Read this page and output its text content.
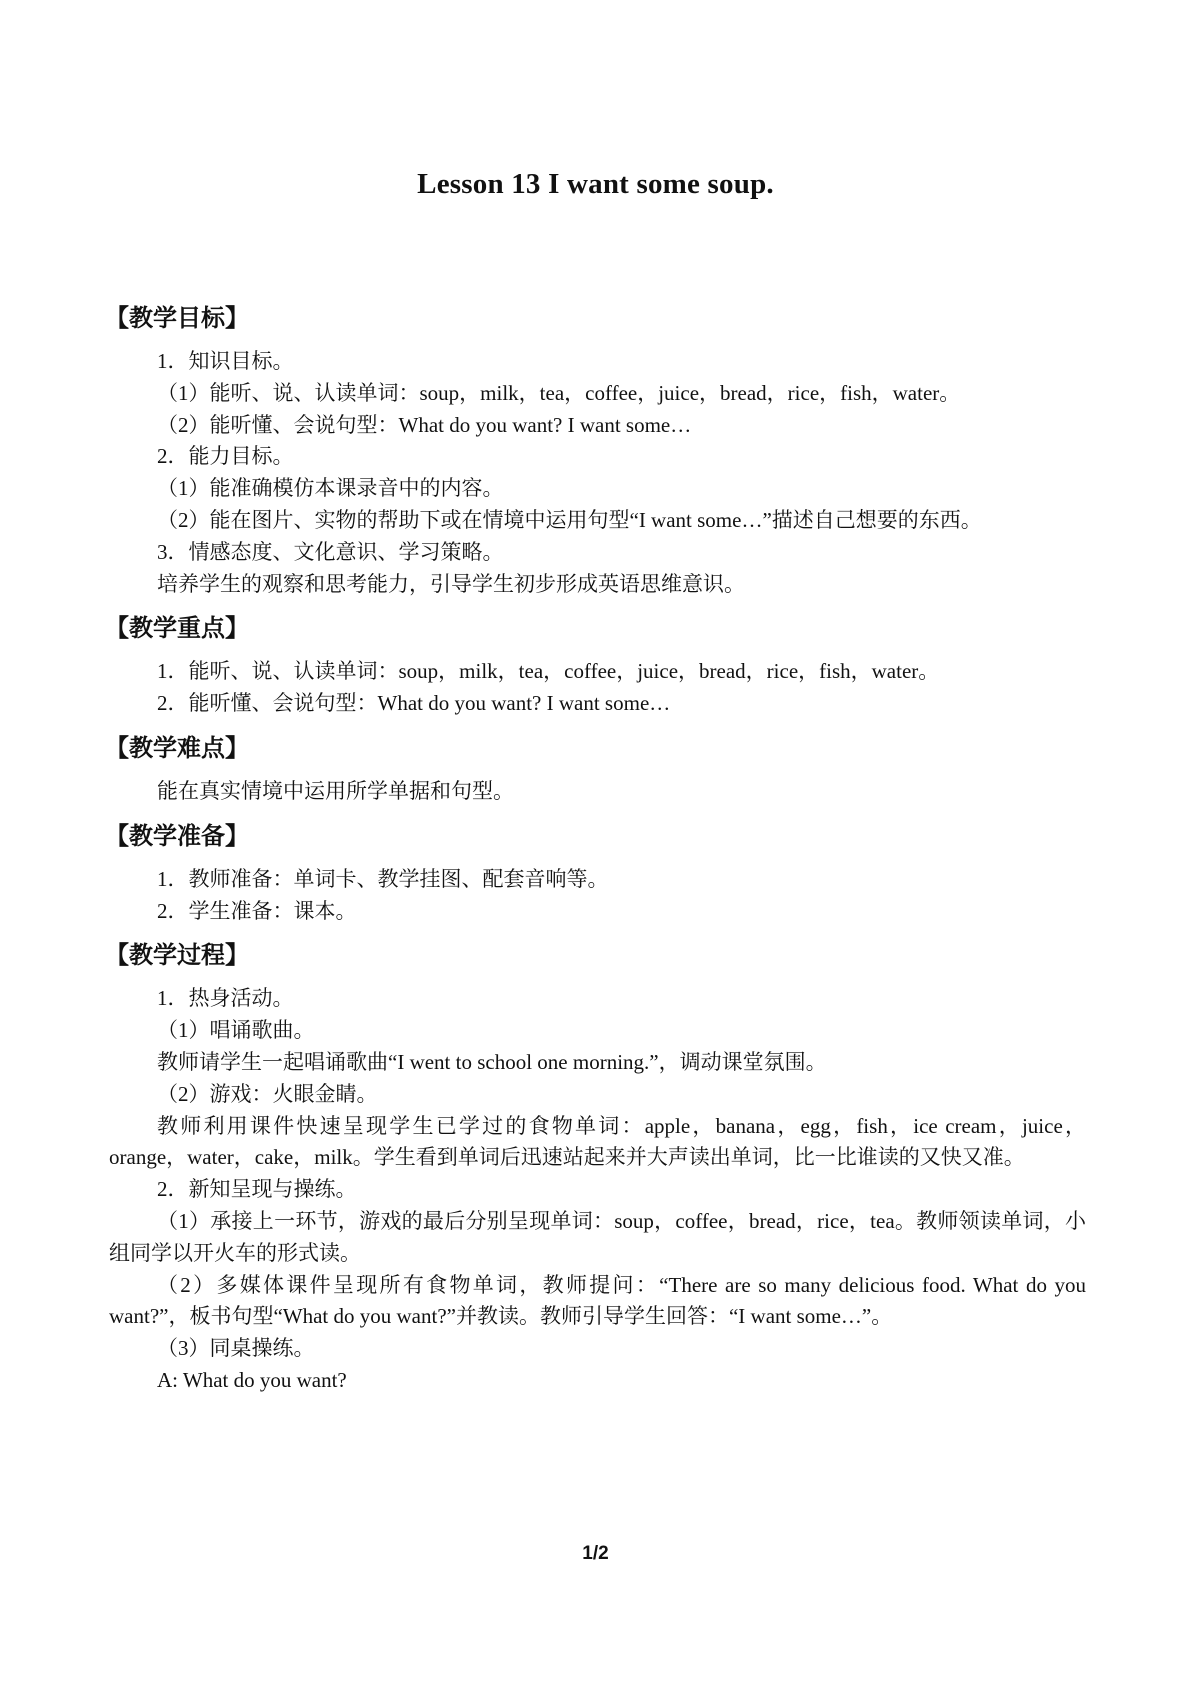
Lesson 13 I want some soup.
【教学目标】
1．知识目标。
（1）能听、说、认读单词：soup，milk，tea，coffee，juice，bread，rice，fish，water。
（2）能听懂、会说句型：What do you want? I want some…
2．能力目标。
（1）能准确模仿本课录音中的内容。
（2）能在图片、实物的帮助下或在情境中运用句型“I want some…”描述自己想要的东西。
3．情感态度、文化意识、学习策略。
培养学生的观察和思考能力，引导学生初步形成英语思维意识。
【教学重点】
1．能听、说、认读单词：soup，milk，tea，coffee，juice，bread，rice，fish，water。
2．能听懂、会说句型：What do you want? I want some…
【教学难点】
能在真实情境中运用所学单据和句型。
【教学准备】
1．教师准备：单词卡、教学挂图、配套音响等。
2．学生准备：课本。
【教学过程】
1．热身活动。
（1）唱诵歌曲。
教师请学生一起唱诵歌曲“I went to school one morning.”，调动课堂氛围。
（2）游戏：火眼金睛。
教师利用课件快速呈现学生已学过的食物单词：apple，banana，egg，fish，ice cream，juice，orange，water，cake，milk。学生看到单词后迅速站起来并大声读出单词，比一比谁读的又快又准。
2．新知呈现与操练。
（1）承接上一环节，游戏的最后分别呈现单词：soup，coffee，bread，rice，tea。教师领读单词，小组同学以开火车的形式读。
（2）多媒体课件呈现所有食物单词，教师提问：“There are so many delicious food. What do you want?”，板书句型“What do you want?”并教读。教师引导学生回答：“I want some…”。
（3）同桌操练。
A: What do you want?
1/2
